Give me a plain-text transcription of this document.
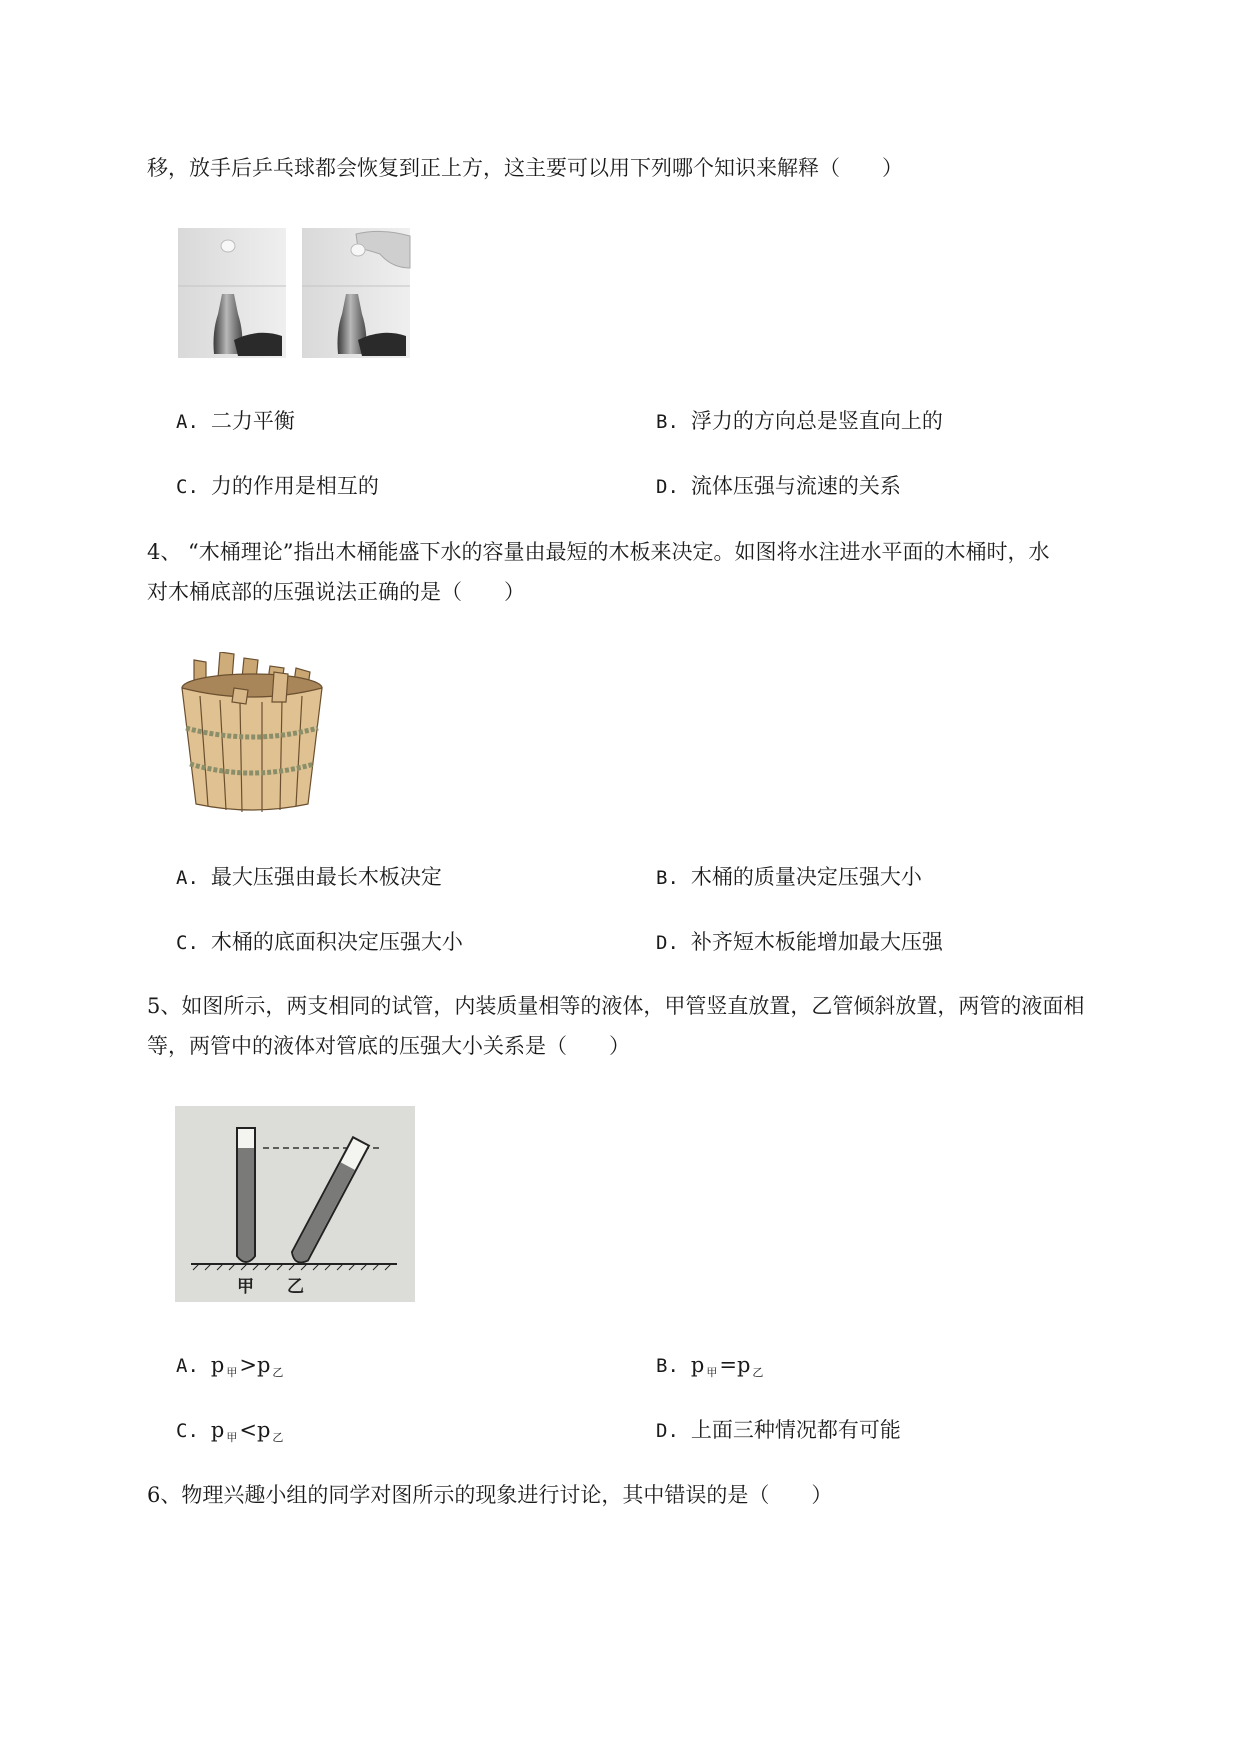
移，放手后乒乓球都会恢复到正上方，这主要可以用下列哪个知识来解释（　　）
A. 二力平衡	B. 浮力的方向总是竖直向上的
C. 力的作用是相互的	D. 流体压强与流速的关系
4、 “木桶理论”指出木桶能盛下水的容量由最短的木板来决定。如图将水注进水平面的木桶时，水
对木桶底部的压强说法正确的是（　　）
A. 最大压强由最长木板决定	B. 木桶的质量决定压强大小
C. 木桶的底面积决定压强大小	D. 补齐短木板能增加最大压强
5、如图所示，两支相同的试管，内装质量相等的液体，甲管竖直放置，乙管倾斜放置，两管的液面相
等，两管中的液体对管底的压强大小关系是（　　）
甲 乙
A. p $_甲$>p $_乙$	B. p $_甲$=p $_乙$
C. p $_甲$<p $_乙$	D. 上面三种情况都有可能
6、物理兴趣小组的同学对图所示的现象进行讨论，其中错误的是（　　）
